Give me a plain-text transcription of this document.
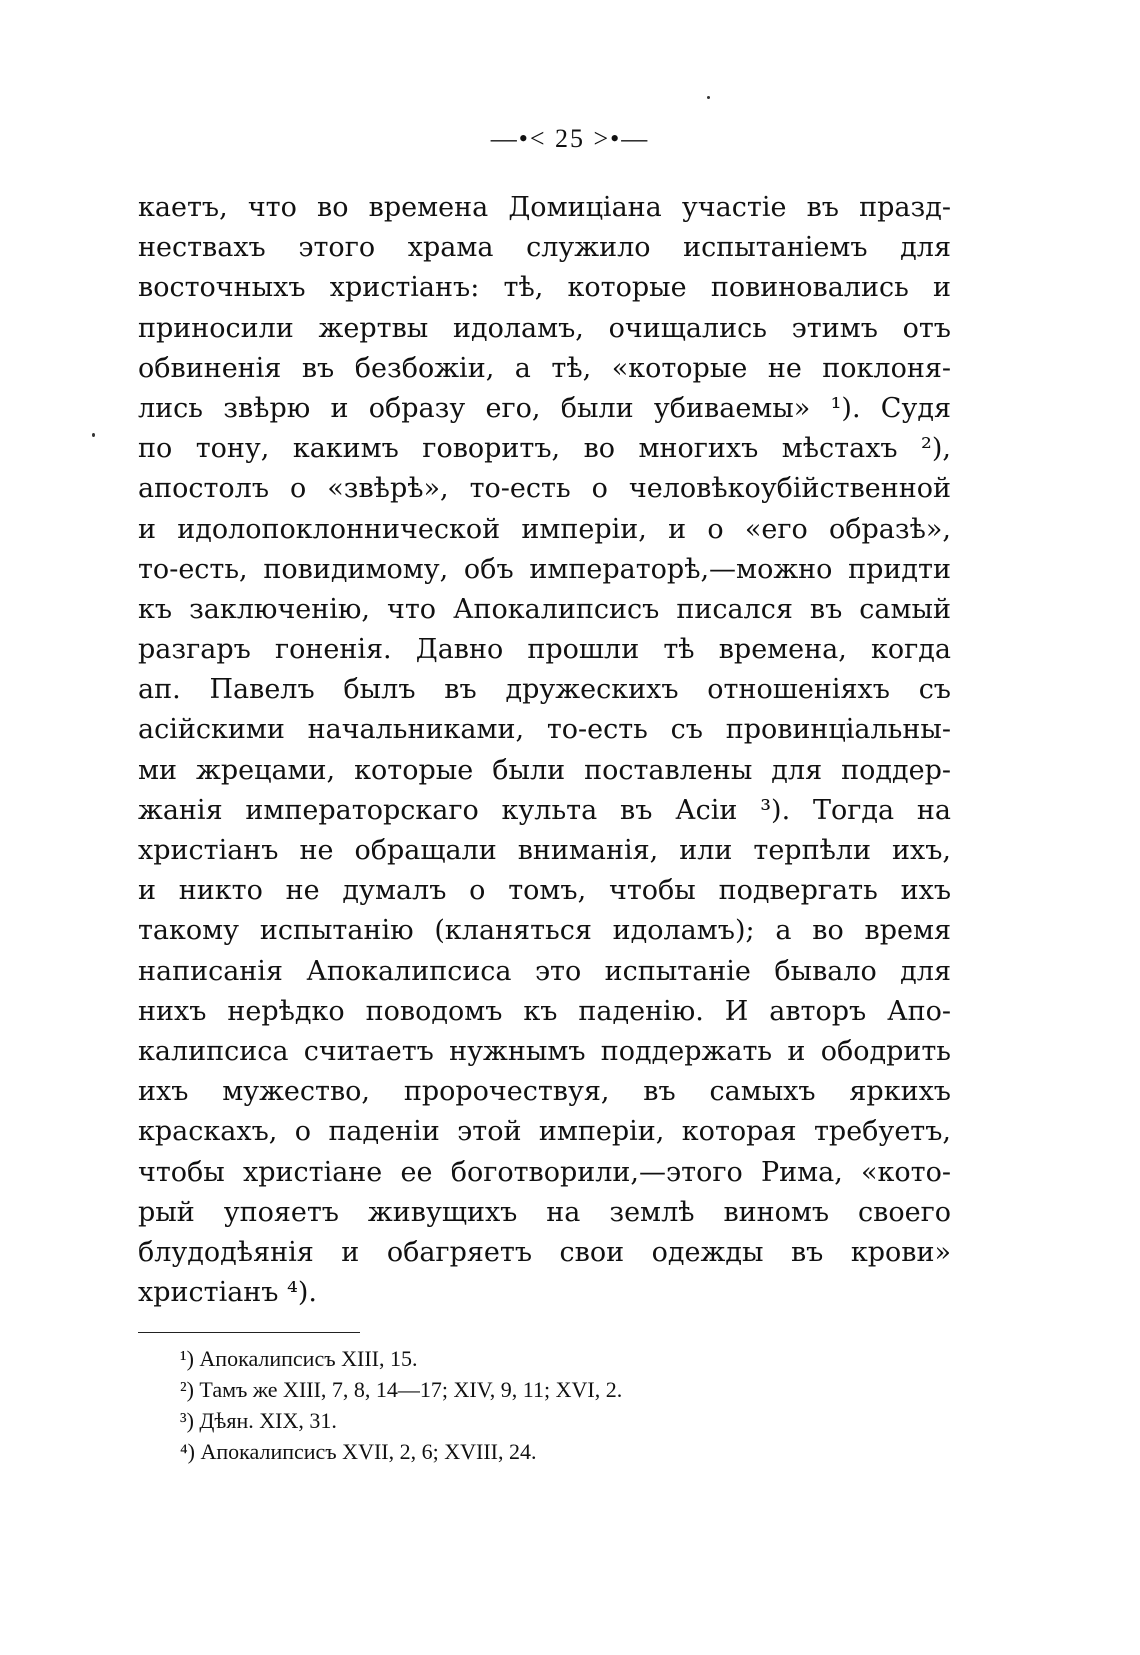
—•< 25 >•—
каетъ, что во времена Домиціана участіе въ празд-
нествахъ этого храма служило испытаніемъ для
восточныхъ христіанъ: тѣ, которые повиновались и
приносили жертвы идоламъ, очищались этимъ отъ
обвиненія въ безбожіи, а тѣ, «которые не поклоня-
лись звѣрю и образу его, были убиваемы» ¹). Судя
по тону, какимъ говоритъ, во многихъ мѣстахъ ²),
апостолъ о «звѣрѣ», то-есть о человѣкоубійственной
и идолопоклоннической имперіи, и о «его образѣ»,
то-есть, повидимому, объ императорѣ,—можно придти
къ заключенію, что Апокалипсисъ писался въ самый
разгаръ гоненія. Давно прошли тѣ времена, когда
ап. Павелъ былъ въ дружескихъ отношеніяхъ съ
асійскими начальниками, то-есть съ провинціальны-
ми жрецами, которые были поставлены для поддер-
жанія императорскаго культа въ Асіи ³). Тогда на
христіанъ не обращали вниманія, или терпѣли ихъ,
и никто не думалъ о томъ, чтобы подвергать ихъ
такому испытанію (кланяться идоламъ); а во время
написанія Апокалипсиса это испытаніе бывало для
нихъ нерѣдко поводомъ къ паденію. И авторъ Апо-
калипсиса считаетъ нужнымъ поддержать и ободрить
ихъ мужество, пророчествуя, въ самыхъ яркихъ
краскахъ, о паденіи этой имперіи, которая требуетъ,
чтобы христіане ее боготворили,—этого Рима, «кото-
рый упояетъ живущихъ на землѣ виномъ своего
блудодѣянія и обагряетъ свои одежды въ крови»
христіанъ ⁴).
¹) Апокалипсисъ XIII, 15.
²) Тамъ же XIII, 7, 8, 14—17; XIV, 9, 11; XVI, 2.
³) Дѣян. XIX, 31.
⁴) Апокалипсисъ XVII, 2, 6; XVIII, 24.
